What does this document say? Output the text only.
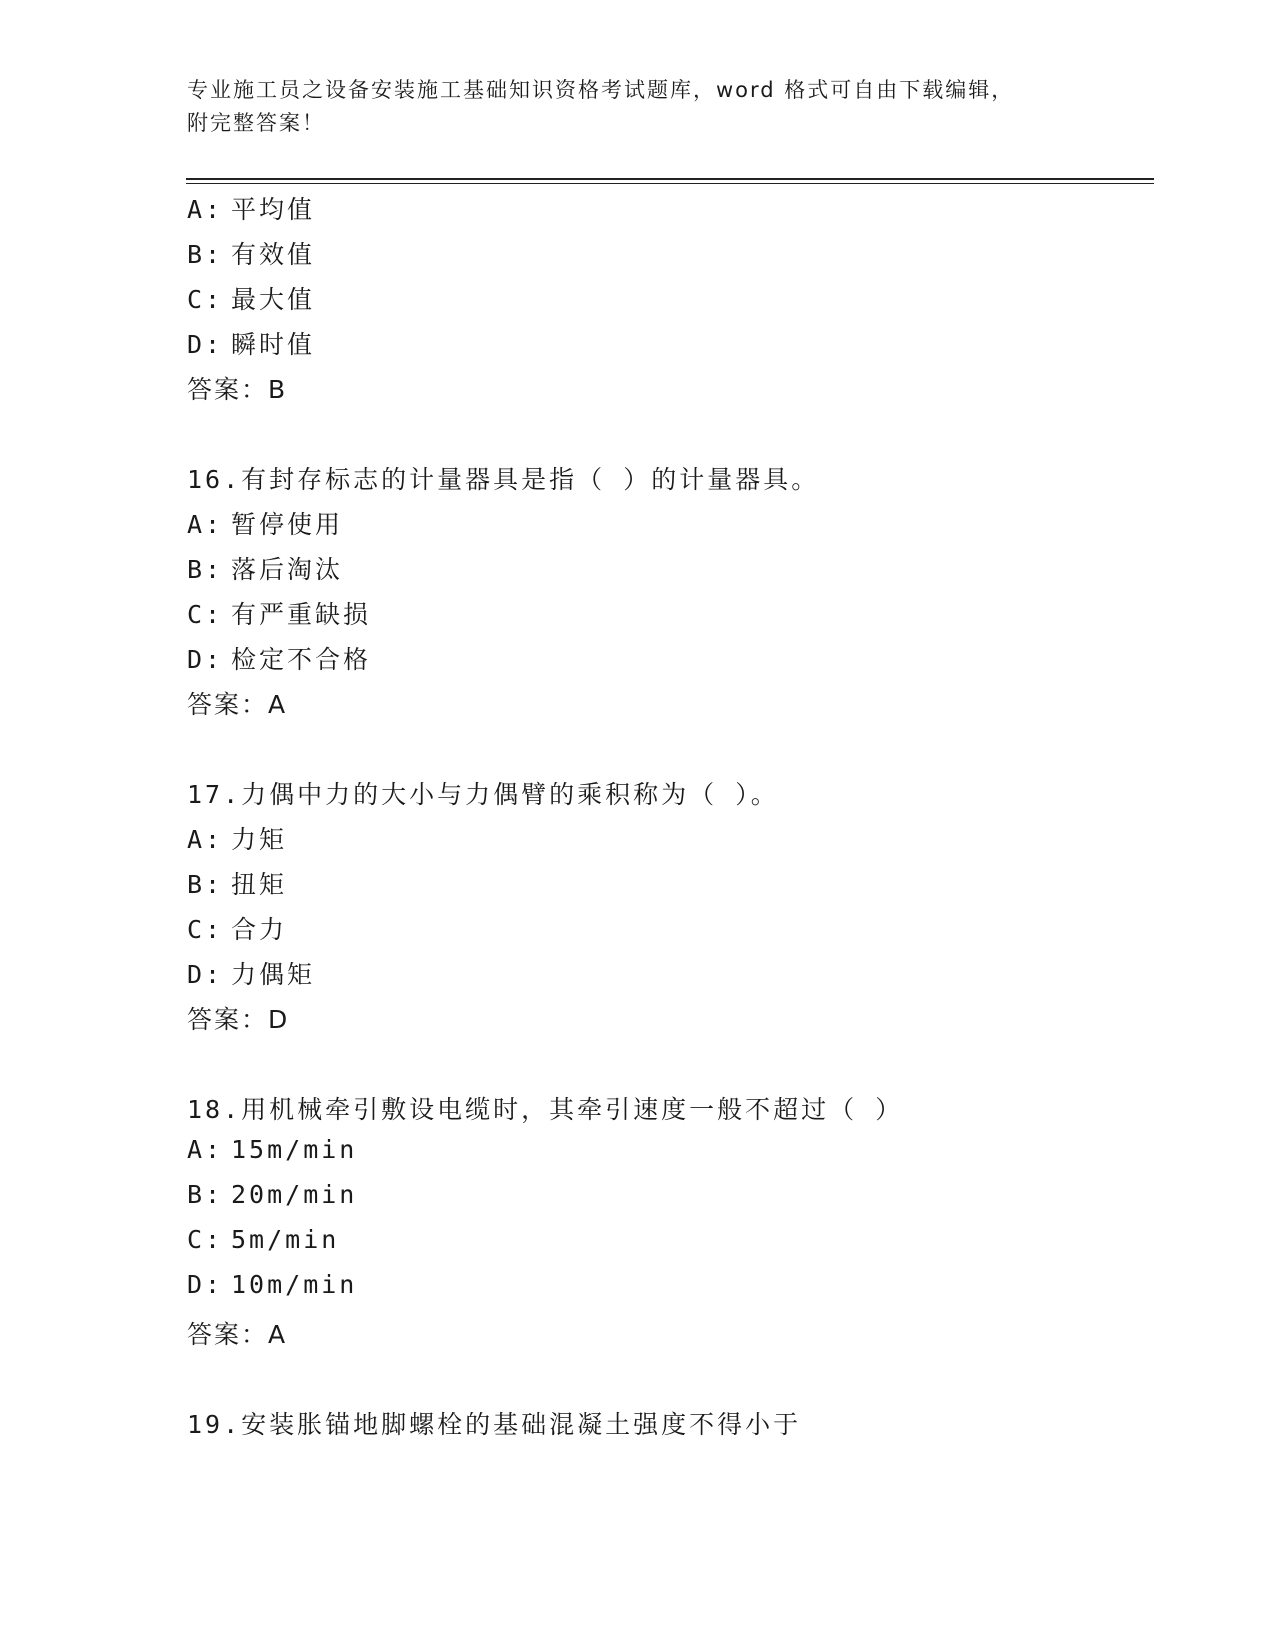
专业施工员之设备安装施工基础知识资格考试题库，word 格式可自由下载编辑，
附完整答案！
A: 平均值
B: 有效值
C: 最大值
D: 瞬时值
答案：B
16.有封存标志的计量器具是指（ ）的计量器具。
A: 暂停使用
B: 落后淘汰
C: 有严重缺损
D: 检定不合格
答案：A
17.力偶中力的大小与力偶臂的乘积称为（ ）。
A: 力矩
B: 扭矩
C: 合力
D: 力偶矩
答案：D
18.用机械牵引敷设电缆时，其牵引速度一般不超过（ ）
A: 15m/min
B: 20m/min
C: 5m/min
D: 10m/min
答案：A
19.安装胀锚地脚螺栓的基础混凝土强度不得小于
